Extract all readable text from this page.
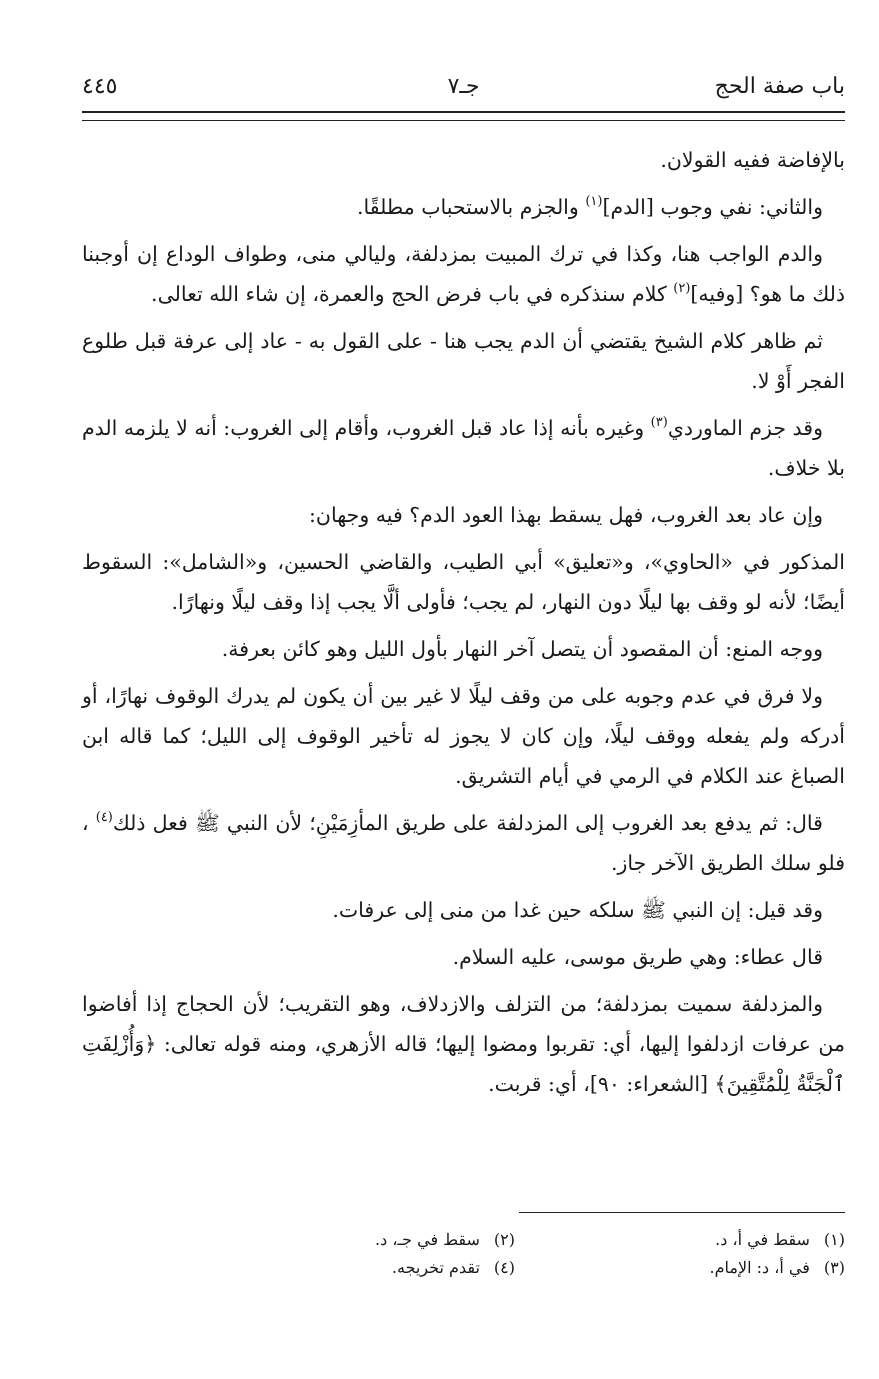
باب صفة الحج
جـ٧
٤٤٥

بالإفاضة ففيه القولان.

والثاني: نفي وجوب [الدم]$^{(١)}$ والجزم بالاستحباب مطلقًا.

والدم الواجب هنا، وكذا في ترك المبيت بمزدلفة، وليالي منى، وطواف الوداع إن أوجبنا ذلك ما هو؟ [وفيه]$^{(٢)}$ كلام سنذكره في باب فرض الحج والعمرة، إن شاء الله تعالى.

ثم ظاهر كلام الشيخ يقتضي أن الدم يجب هنا - على القول به - عاد إلى عرفة قبل طلوع الفجر أَوْ لا.

وقد جزم الماوردي$^{(٣)}$ وغيره بأنه إذا عاد قبل الغروب، وأقام إلى الغروب: أنه لا يلزمه الدم بلا خلاف.

وإن عاد بعد الغروب، فهل يسقط بهذا العود الدم؟ فيه وجهان:

المذكور في «الحاوي»، و«تعليق» أبي الطيب، والقاضي الحسين، و«الشامل»: السقوط أيضًا؛ لأنه لو وقف بها ليلًا دون النهار، لم يجب؛ فأولى ألَّا يجب إذا وقف ليلًا ونهارًا.

ووجه المنع: أن المقصود أن يتصل آخر النهار بأول الليل وهو كائن بعرفة.

ولا فرق في عدم وجوبه على من وقف ليلًا لا غير بين أن يكون لم يدرك الوقوف نهارًا، أو أدركه ولم يفعله ووقف ليلًا، وإن كان لا يجوز له تأخير الوقوف إلى الليل؛ كما قاله ابن الصباغ عند الكلام في الرمي في أيام التشريق.

قال: ثم يدفع بعد الغروب إلى المزدلفة على طريق المأزِمَيْنِ؛ لأن النبي ﷺ فعل ذلك$^{(٤)}$ ، فلو سلك الطريق الآخر جاز.

وقد قيل: إن النبي ﷺ سلكه حين غدا من منى إلى عرفات.

قال عطاء: وهي طريق موسى، عليه السلام.

والمزدلفة سميت بمزدلفة؛ من التزلف والازدلاف، وهو التقريب؛ لأن الحجاج إذا أفاضوا من عرفات ازدلفوا إليها، أي: تقربوا ومضوا إليها؛ قاله الأزهري، ومنه قوله تعالى: ﴿وَأُزْلِفَتِ ٱلْجَنَّةُ لِلْمُتَّقِينَ﴾ [الشعراء: ٩٠]، أي: قربت.

(١)سقط في أ، د.
(٢)سقط في جـ، د.
(٣)في أ، د: الإمام.
(٤)تقدم تخريجه.
